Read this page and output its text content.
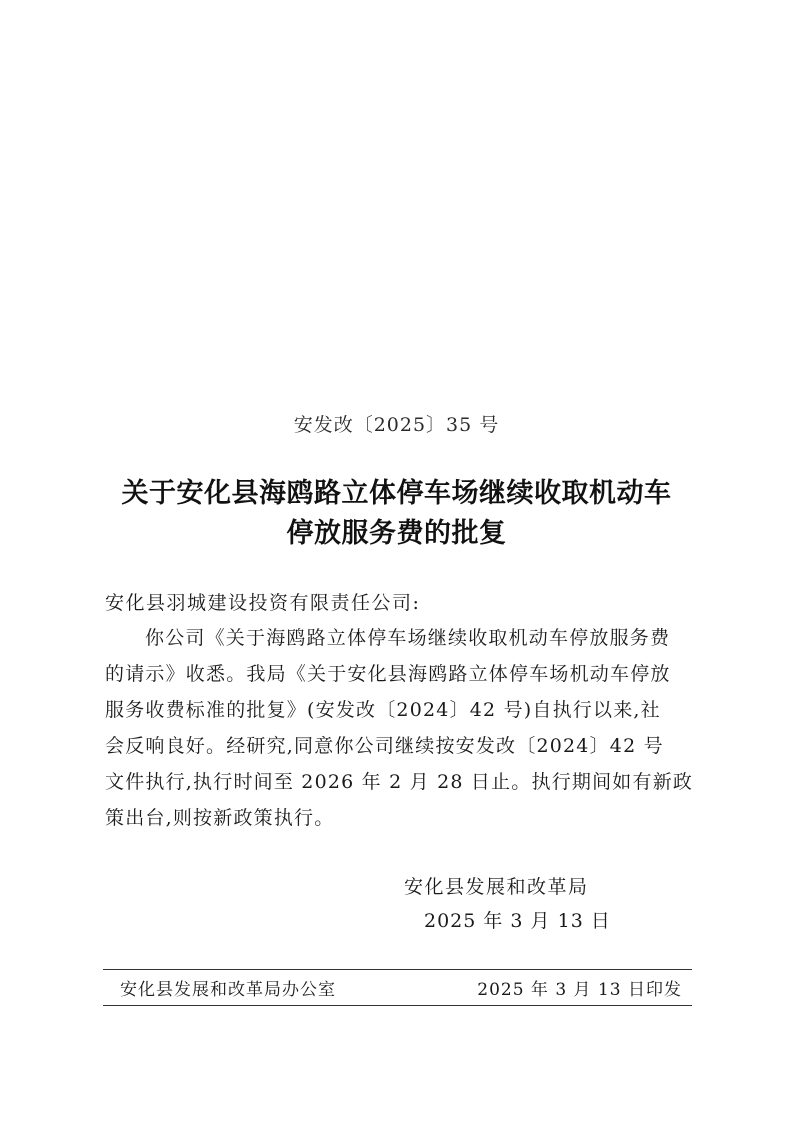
安发改〔2025〕35 号
关于安化县海鸥路立体停车场继续收取机动车
停放服务费的批复
安化县羽城建设投资有限责任公司:
你公司《关于海鸥路立体停车场继续收取机动车停放服务费
的请示》收悉。我局《关于安化县海鸥路立体停车场机动车停放
服务收费标准的批复》(安发改〔2024〕42 号)自执行以来,社
会反响良好。经研究,同意你公司继续按安发改〔2024〕42 号
文件执行,执行时间至 2026 年 2 月 28 日止。执行期间如有新政
策出台,则按新政策执行。
安化县发展和改革局
2025 年 3 月 13 日
安化县发展和改革局办公室	2025 年 3 月 13 日印发
